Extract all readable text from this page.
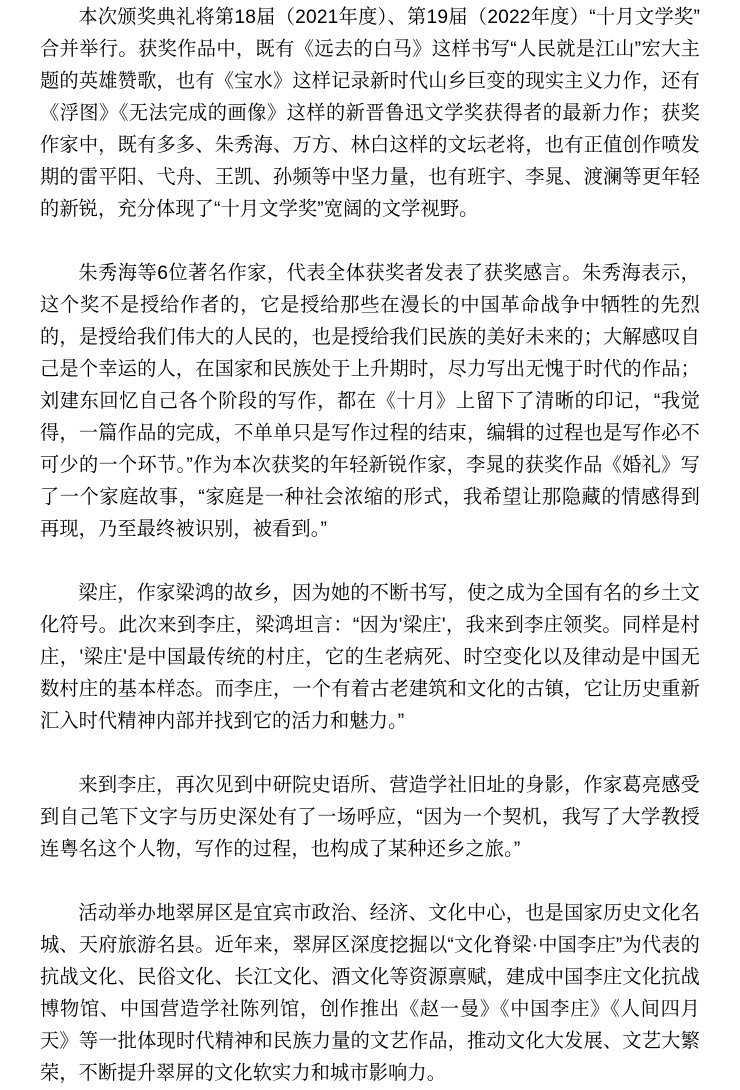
本次颁奖典礼将第18届（2021年度）、第19届（2022年度）“十月文学奖”合并举行。获奖作品中，既有《远去的白马》这样书写“人民就是江山”宏大主题的英雄赞歌，也有《宝水》这样记录新时代山乡巨变的现实主义力作，还有《浮图》《无法完成的画像》这样的新晋鲁迅文学奖获得者的最新力作；获奖作家中，既有多多、朱秀海、万方、林白这样的文坛老将，也有正值创作喷发期的雷平阳、弋舟、王凯、孙频等中坚力量，也有班宇、李晁、渡澜等更年轻的新锐，充分体现了“十月文学奖”宽阔的文学视野。

朱秀海等6位著名作家，代表全体获奖者发表了获奖感言。朱秀海表示，这个奖不是授给作者的，它是授给那些在漫长的中国革命战争中牺牲的先烈的，是授给我们伟大的人民的，也是授给我们民族的美好未来的；大解感叹自己是个幸运的人，在国家和民族处于上升期时，尽力写出无愧于时代的作品；刘建东回忆自己各个阶段的写作，都在《十月》上留下了清晰的印记，“我觉得，一篇作品的完成，不单单只是写作过程的结束，编辑的过程也是写作必不可少的一个环节。”作为本次获奖的年轻新锐作家，李晁的获奖作品《婚礼》写了一个家庭故事，“家庭是一种社会浓缩的形式，我希望让那隐藏的情感得到再现，乃至最终被识别，被看到。”

梁庄，作家梁鸿的故乡，因为她的不断书写，使之成为全国有名的乡土文化符号。此次来到李庄，梁鸿坦言：“因为'梁庄'，我来到李庄领奖。同样是村庄，'梁庄'是中国最传统的村庄，它的生老病死、时空变化以及律动是中国无数村庄的基本样态。而李庄，一个有着古老建筑和文化的古镇，它让历史重新汇入时代精神内部并找到它的活力和魅力。”

来到李庄，再次见到中研院史语所、营造学社旧址的身影，作家葛亮感受到自己笔下文字与历史深处有了一场呼应，“因为一个契机，我写了大学教授连粤名这个人物，写作的过程，也构成了某种还乡之旅。”

活动举办地翠屏区是宜宾市政治、经济、文化中心，也是国家历史文化名城、天府旅游名县。近年来，翠屏区深度挖掘以“文化脊梁·中国李庄”为代表的抗战文化、民俗文化、长江文化、酒文化等资源禀赋，建成中国李庄文化抗战博物馆、中国营造学社陈列馆，创作推出《赵一曼》《中国李庄》《人间四月天》等一批体现时代精神和民族力量的文艺作品，推动文化大发展、文艺大繁荣，不断提升翠屏的文化软实力和城市影响力。
